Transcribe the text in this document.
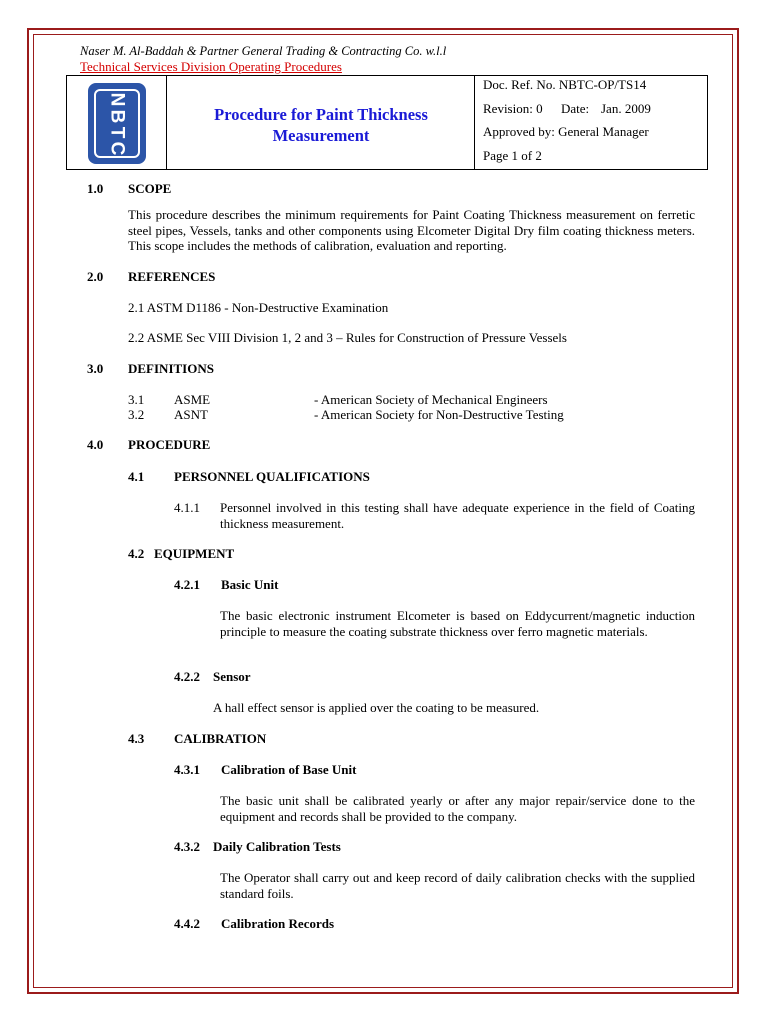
Naser M. Al-Baddah & Partner General Trading & Contracting Co. w.l.l
Technical Services Division Operating Procedures
N
B
T
C
Procedure for Paint Thickness
Measurement
Doc. Ref. No. NBTC-OP/TS14
Revision: 0 Date: Jan. 2009
Approved by: General Manager
Page 1 of 2
1.0 SCOPE
This procedure describes the minimum requirements for Paint Coating Thickness measurement on ferretic steel pipes, Vessels, tanks and other components using Elcometer Digital Dry film coating thickness meters. This scope includes the methods of calibration, evaluation and reporting.
2.0 REFERENCES
2.1 ASTM D1186 - Non-Destructive Examination
2.2 ASME Sec VIII Division 1, 2 and 3 – Rules for Construction of Pressure Vessels
3.0 DEFINITIONS
3.1 ASME	- American Society of Mechanical Engineers
3.2 ASNT	- American Society for Non-Destructive Testing
4.0 PROCEDURE
4.1 PERSONNEL QUALIFICATIONS
4.1.1 Personnel involved in this testing shall have adequate experience in the field of Coating thickness measurement.
4.2 EQUIPMENT
4.2.1 Basic Unit
The basic electronic instrument Elcometer is based on Eddycurrent/magnetic induction principle to measure the coating substrate thickness over ferro magnetic materials.
4.2.2 Sensor
A hall effect sensor is applied over the coating to be measured.
4.3 CALIBRATION
4.3.1 Calibration of Base Unit
The basic unit shall be calibrated yearly or after any major repair/service done to the equipment and records shall be provided to the company.
4.3.2 Daily Calibration Tests
The Operator shall carry out and keep record of daily calibration checks with the supplied standard foils.
4.4.2 Calibration Records
